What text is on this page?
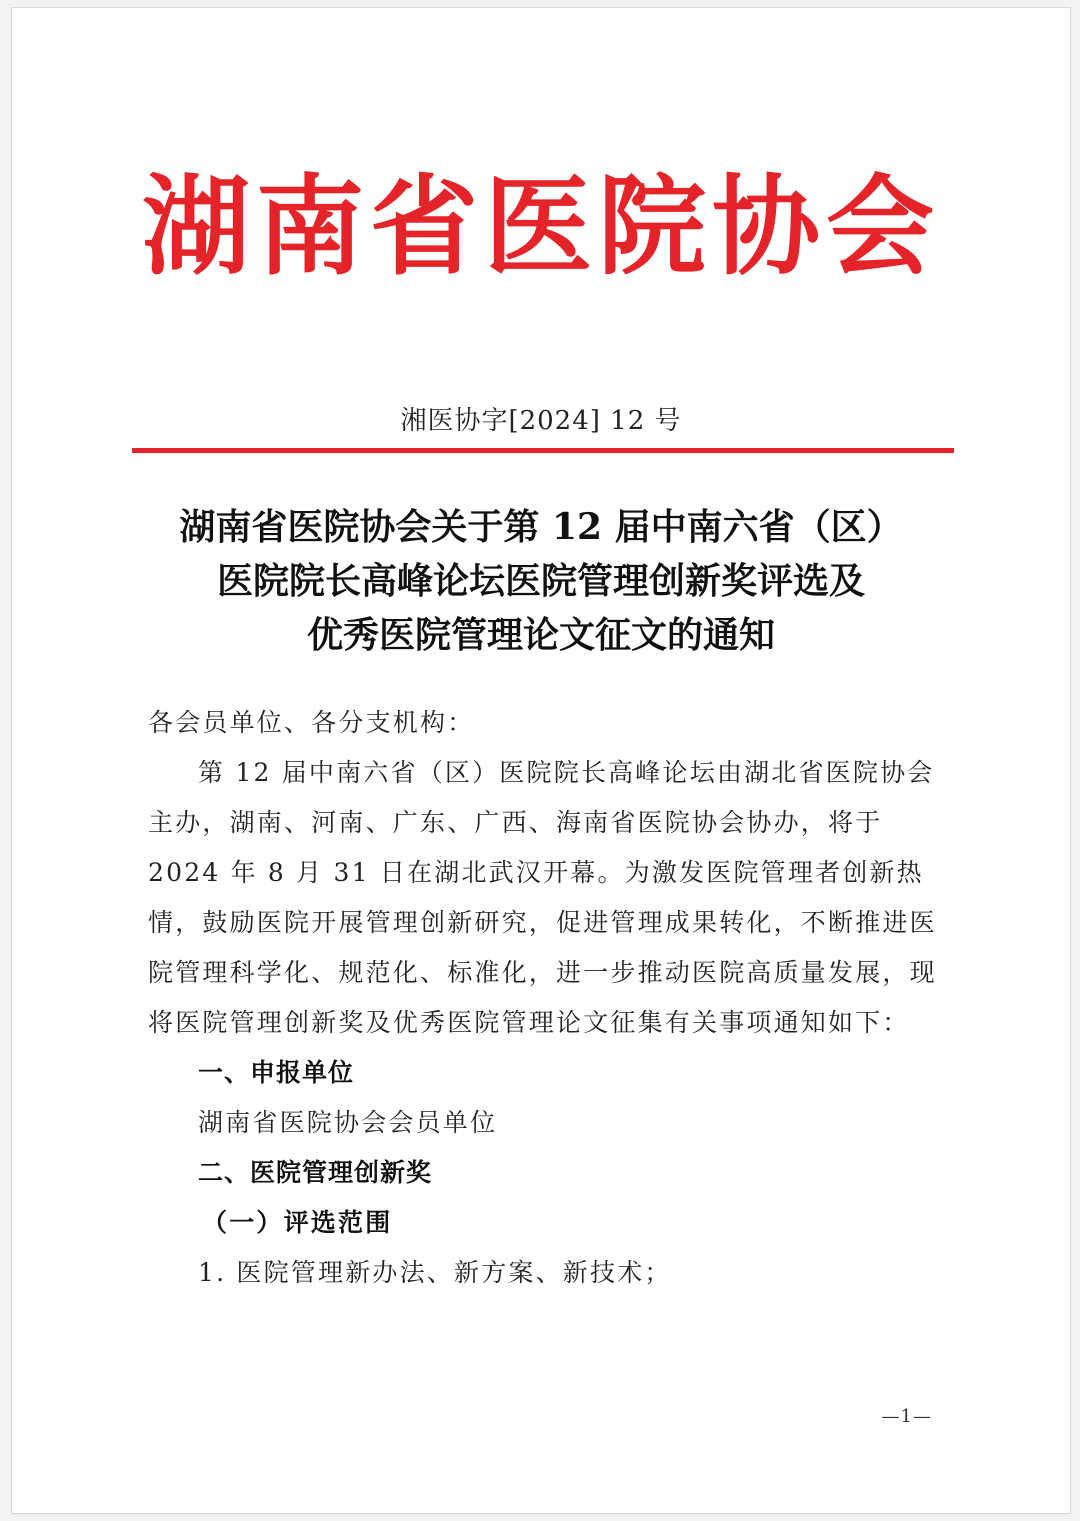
湖南省医院协会
湘医协字[2024] 12 号
湖南省医院协会关于第 12 届中南六省（区）
医院院长高峰论坛医院管理创新奖评选及
优秀医院管理论文征文的通知

各会员单位、各分支机构：

第 12 届中南六省（区）医院院长高峰论坛由湖北省医院协会主办，湖南、河南、广东、广西、海南省医院协会协办，将于 2024 年 8 月 31 日在湖北武汉开幕。为激发医院管理者创新热情，鼓励医院开展管理创新研究，促进管理成果转化，不断推进医院管理科学化、规范化、标准化，进一步推动医院高质量发展，现将医院管理创新奖及优秀医院管理论文征集有关事项通知如下：

一、申报单位

湖南省医院协会会员单位

二、医院管理创新奖

（一）评选范围

1. 医院管理新办法、新方案、新技术；

—1—
